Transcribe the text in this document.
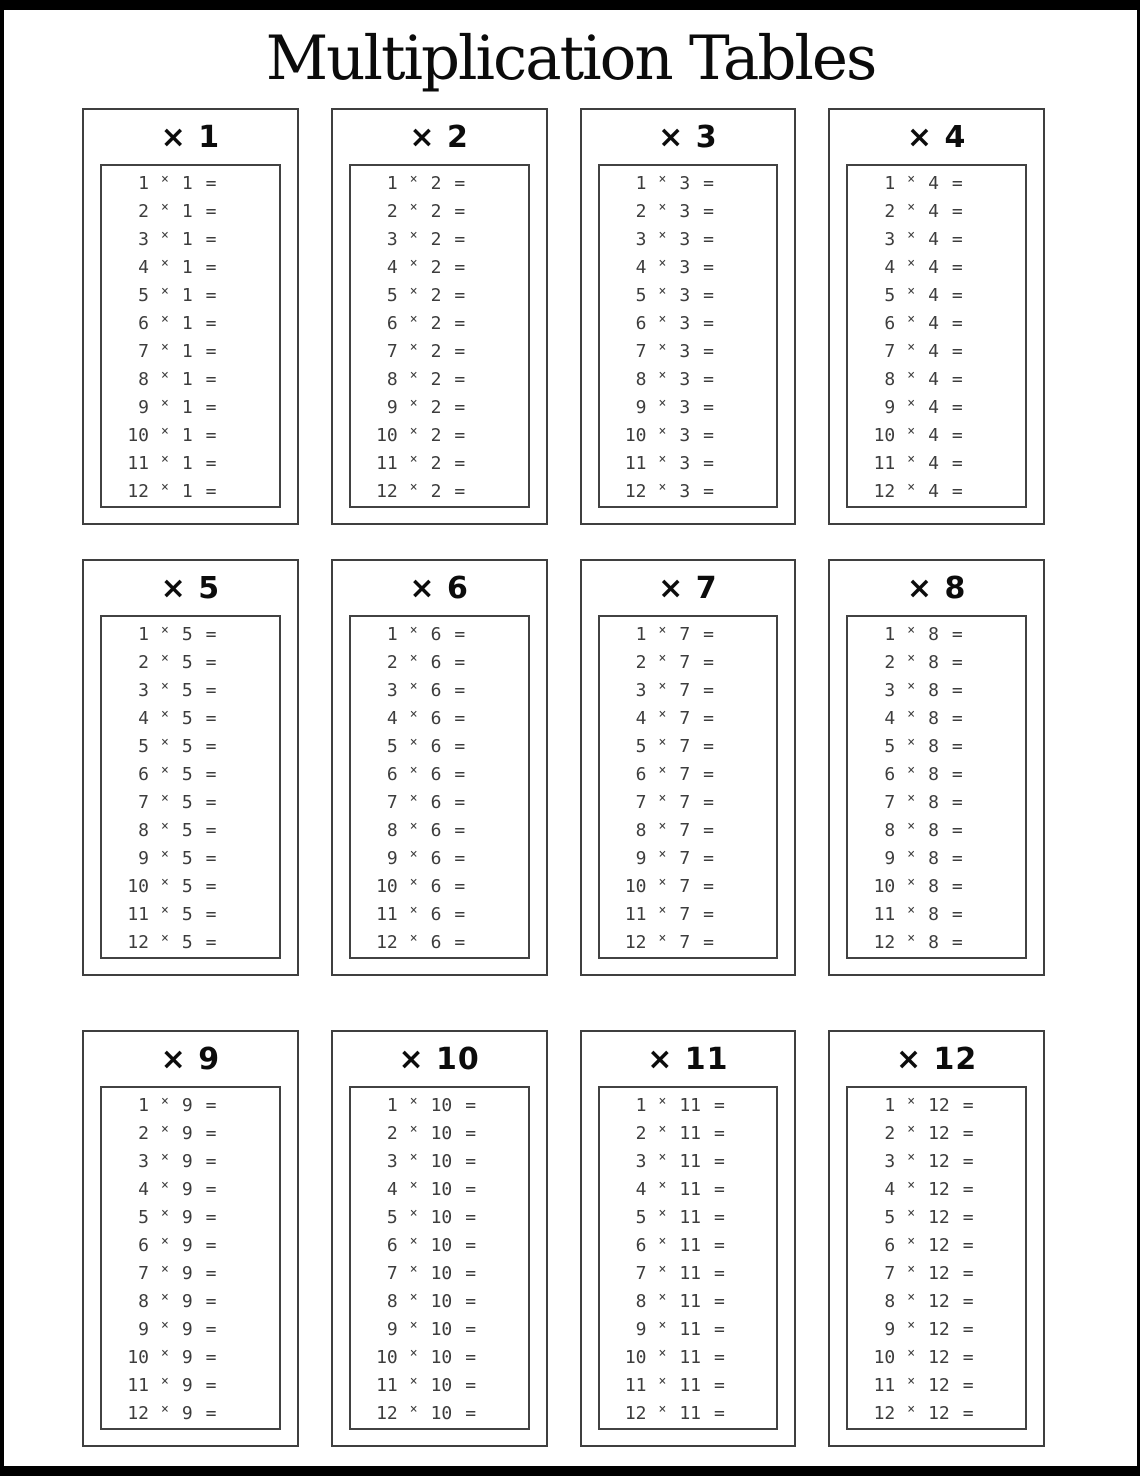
Multiplication Tables
× 1
1 × 1 =
2 × 1 =
3 × 1 =
4 × 1 =
5 × 1 =
6 × 1 =
7 × 1 =
8 × 1 =
9 × 1 =
10 × 1 =
11 × 1 =
12 × 1 =
× 2
1 × 2 =
2 × 2 =
3 × 2 =
4 × 2 =
5 × 2 =
6 × 2 =
7 × 2 =
8 × 2 =
9 × 2 =
10 × 2 =
11 × 2 =
12 × 2 =
× 3
1 × 3 =
2 × 3 =
3 × 3 =
4 × 3 =
5 × 3 =
6 × 3 =
7 × 3 =
8 × 3 =
9 × 3 =
10 × 3 =
11 × 3 =
12 × 3 =
× 4
1 × 4 =
2 × 4 =
3 × 4 =
4 × 4 =
5 × 4 =
6 × 4 =
7 × 4 =
8 × 4 =
9 × 4 =
10 × 4 =
11 × 4 =
12 × 4 =
× 5
1 × 5 =
2 × 5 =
3 × 5 =
4 × 5 =
5 × 5 =
6 × 5 =
7 × 5 =
8 × 5 =
9 × 5 =
10 × 5 =
11 × 5 =
12 × 5 =
× 6
1 × 6 =
2 × 6 =
3 × 6 =
4 × 6 =
5 × 6 =
6 × 6 =
7 × 6 =
8 × 6 =
9 × 6 =
10 × 6 =
11 × 6 =
12 × 6 =
× 7
1 × 7 =
2 × 7 =
3 × 7 =
4 × 7 =
5 × 7 =
6 × 7 =
7 × 7 =
8 × 7 =
9 × 7 =
10 × 7 =
11 × 7 =
12 × 7 =
× 8
1 × 8 =
2 × 8 =
3 × 8 =
4 × 8 =
5 × 8 =
6 × 8 =
7 × 8 =
8 × 8 =
9 × 8 =
10 × 8 =
11 × 8 =
12 × 8 =
× 9
1 × 9 =
2 × 9 =
3 × 9 =
4 × 9 =
5 × 9 =
6 × 9 =
7 × 9 =
8 × 9 =
9 × 9 =
10 × 9 =
11 × 9 =
12 × 9 =
× 10
1 × 10 =
2 × 10 =
3 × 10 =
4 × 10 =
5 × 10 =
6 × 10 =
7 × 10 =
8 × 10 =
9 × 10 =
10 × 10 =
11 × 10 =
12 × 10 =
× 11
1 × 11 =
2 × 11 =
3 × 11 =
4 × 11 =
5 × 11 =
6 × 11 =
7 × 11 =
8 × 11 =
9 × 11 =
10 × 11 =
11 × 11 =
12 × 11 =
× 12
1 × 12 =
2 × 12 =
3 × 12 =
4 × 12 =
5 × 12 =
6 × 12 =
7 × 12 =
8 × 12 =
9 × 12 =
10 × 12 =
11 × 12 =
12 × 12 =
